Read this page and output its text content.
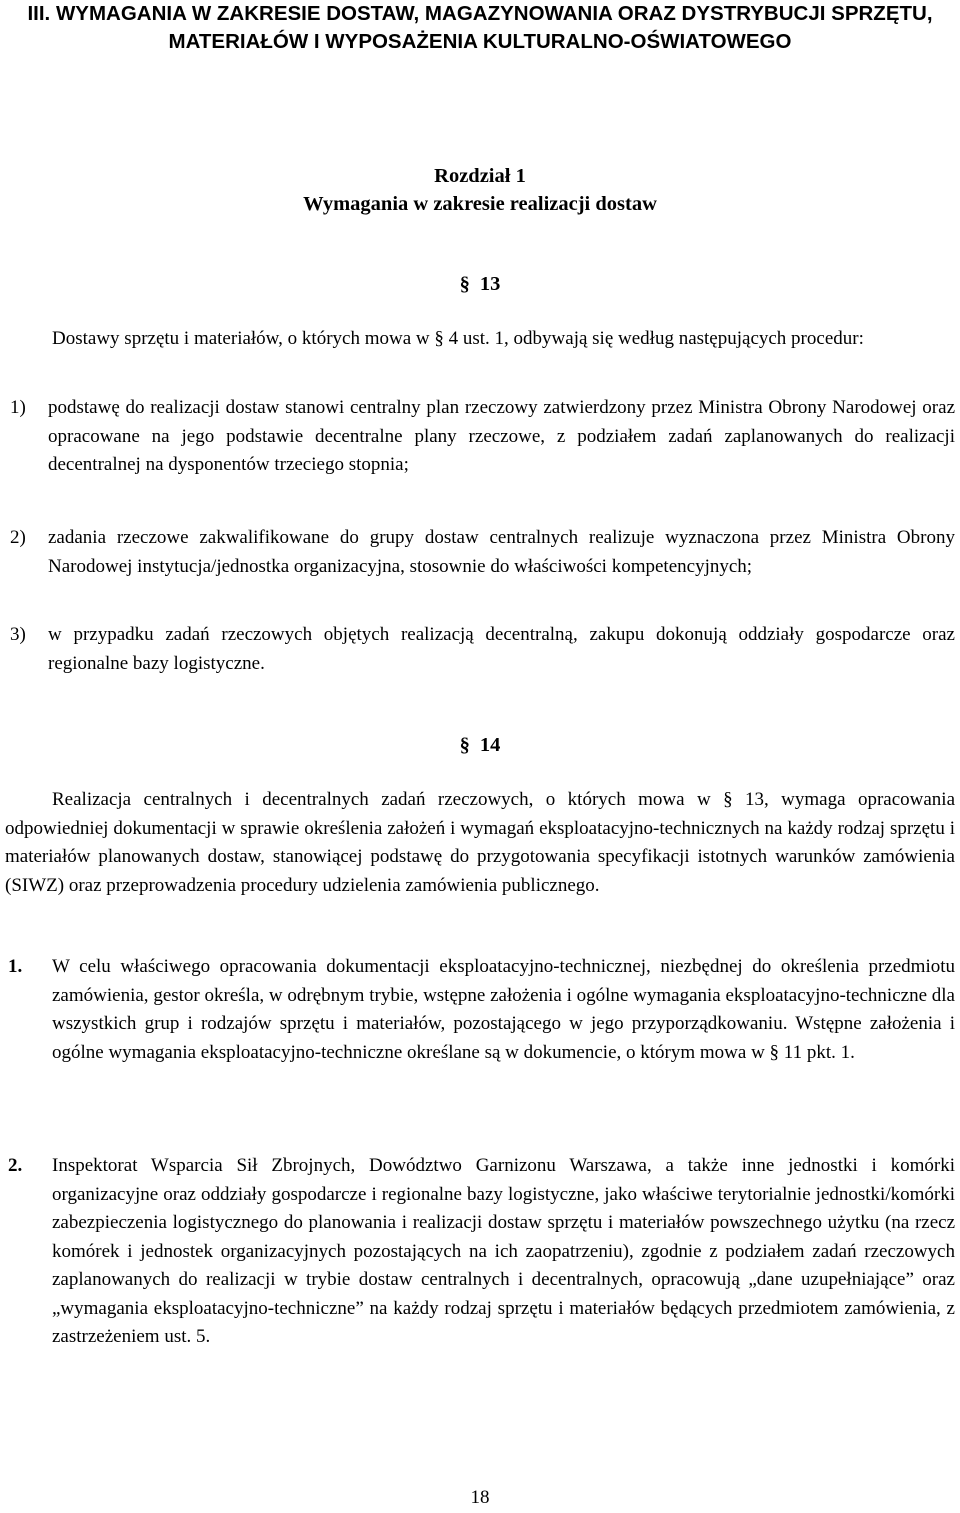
III. WYMAGANIA W ZAKRESIE DOSTAW, MAGAZYNOWANIA ORAZ DYSTRYBUCJI SPRZĘTU, MATERIAŁÓW I WYPOSAŻENIA KULTURALNO-OŚWIATOWEGO
Rozdział 1
Wymagania w zakresie realizacji dostaw
§ 13

Dostawy sprzętu i materiałów, o których mowa w § 4 ust. 1, odbywają się według następujących procedur:

1) podstawę do realizacji dostaw stanowi centralny plan rzeczowy zatwierdzony przez Ministra Obrony Narodowej oraz opracowane na jego podstawie decentralne plany rzeczowe, z podziałem zadań zaplanowanych do realizacji decentralnej na dysponentów trzeciego stopnia;
2) zadania rzeczowe zakwalifikowane do grupy dostaw centralnych realizuje wyznaczona przez Ministra Obrony Narodowej instytucja/jednostka organizacyjna, stosownie do właściwości kompetencyjnych;
3) w przypadku zadań rzeczowych objętych realizacją decentralną, zakupu dokonują oddziały gospodarcze oraz regionalne bazy logistyczne.
§ 14

Realizacja centralnych i decentralnych zadań rzeczowych, o których mowa w § 13, wymaga opracowania odpowiedniej dokumentacji w sprawie określenia założeń i wymagań eksploatacyjno-technicznych na każdy rodzaj sprzętu i materiałów planowanych dostaw, stanowiącej podstawę do przygotowania specyfikacji istotnych warunków zamówienia (SIWZ) oraz przeprowadzenia procedury udzielenia zamówienia publicznego.

1. W celu właściwego opracowania dokumentacji eksploatacyjno-technicznej, niezbędnej do określenia przedmiotu zamówienia, gestor określa, w odrębnym trybie, wstępne założenia i ogólne wymagania eksploatacyjno-techniczne dla wszystkich grup i rodzajów sprzętu i materiałów, pozostającego w jego przyporządkowaniu. Wstępne założenia i ogólne wymagania eksploatacyjno-techniczne określane są w dokumencie, o którym mowa w § 11 pkt. 1.
2. Inspektorat Wsparcia Sił Zbrojnych, Dowództwo Garnizonu Warszawa, a także inne jednostki i komórki organizacyjne oraz oddziały gospodarcze i regionalne bazy logistyczne, jako właściwe terytorialnie jednostki/komórki zabezpieczenia logistycznego do planowania i realizacji dostaw sprzętu i materiałów powszechnego użytku (na rzecz komórek i jednostek organizacyjnych pozostających na ich zaopatrzeniu), zgodnie z podziałem zadań rzeczowych zaplanowanych do realizacji w trybie dostaw centralnych i decentralnych, opracowują „dane uzupełniające” oraz „wymagania eksploatacyjno-techniczne” na każdy rodzaj sprzętu i materiałów będących przedmiotem zamówienia, z zastrzeżeniem ust. 5.
18
